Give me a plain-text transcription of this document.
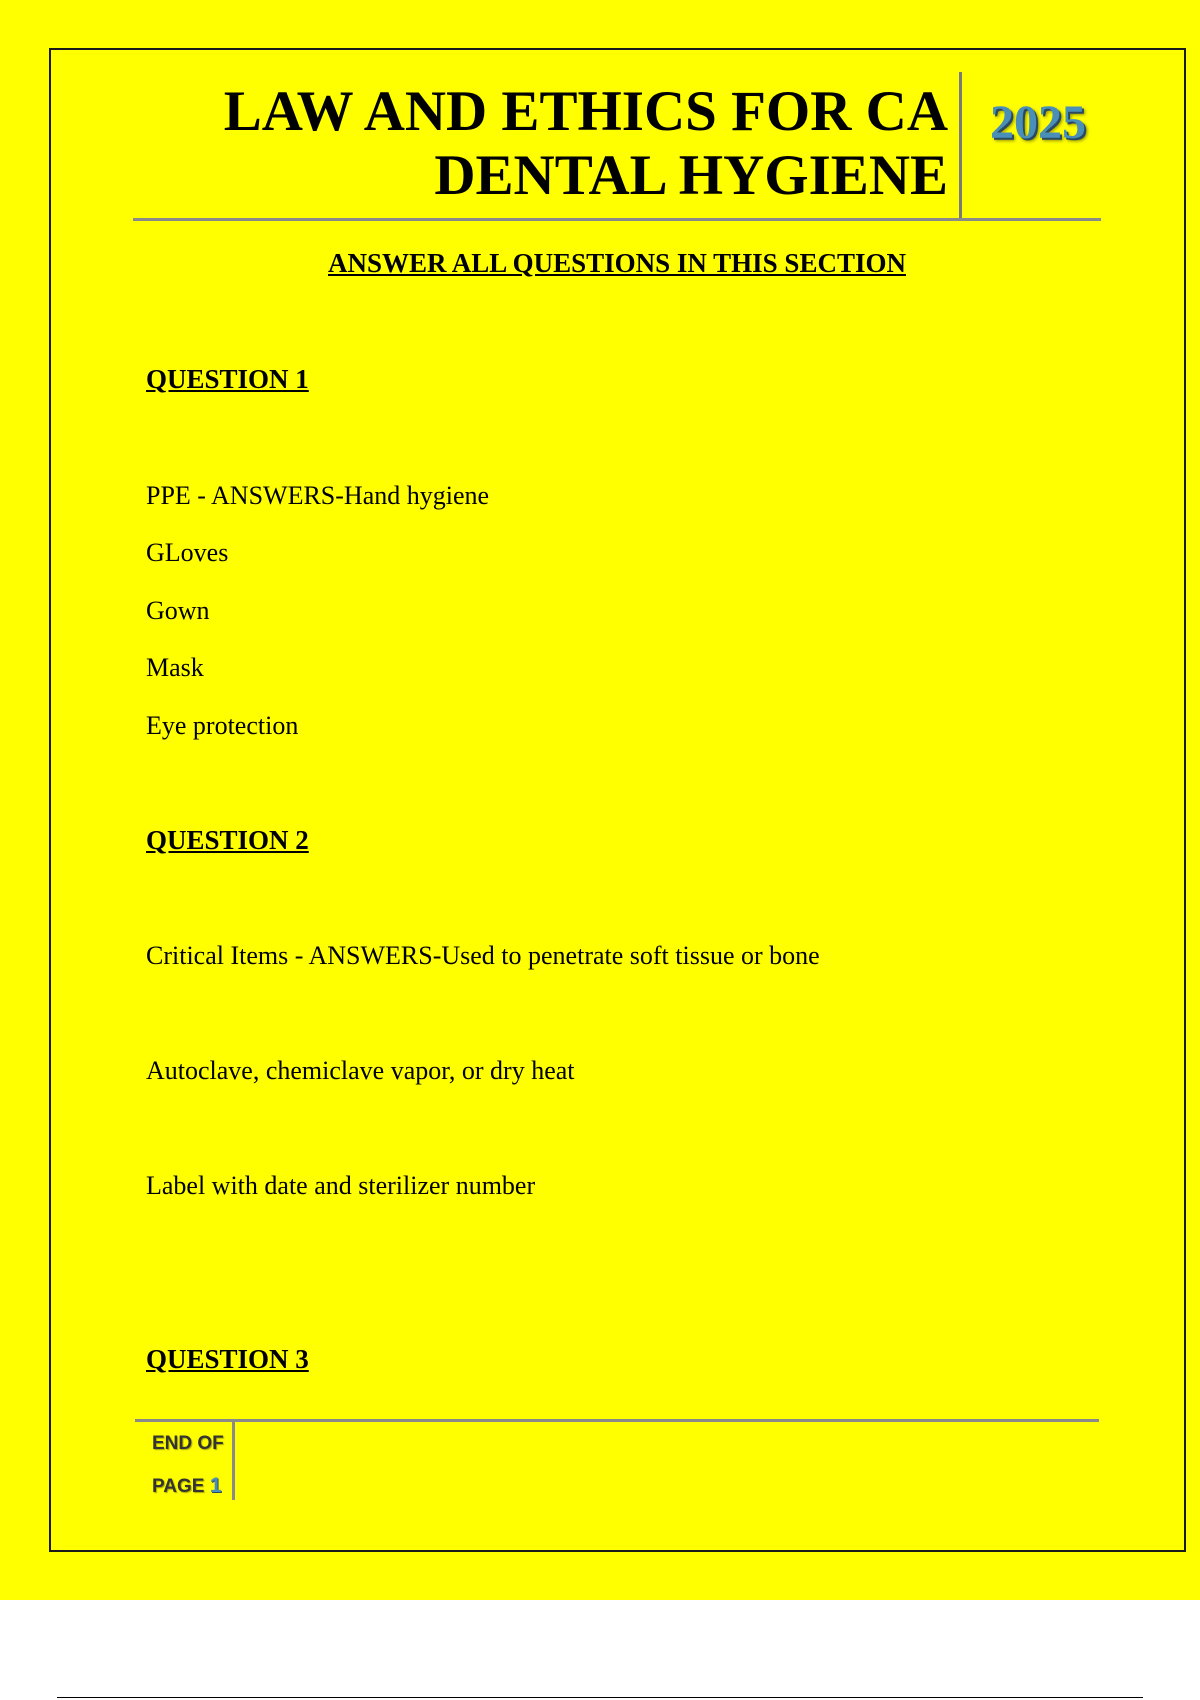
LAW AND ETHICS FOR CA
DENTAL HYGIENE
2025
ANSWER ALL QUESTIONS IN THIS SECTION
QUESTION 1
PPE - ANSWERS-Hand hygiene
GLoves
Gown
Mask
Eye protection
QUESTION 2
Critical Items - ANSWERS-Used to penetrate soft tissue or bone
Autoclave, chemiclave vapor, or dry heat
Label with date and sterilizer number
QUESTION 3
END OF
PAGE 1
